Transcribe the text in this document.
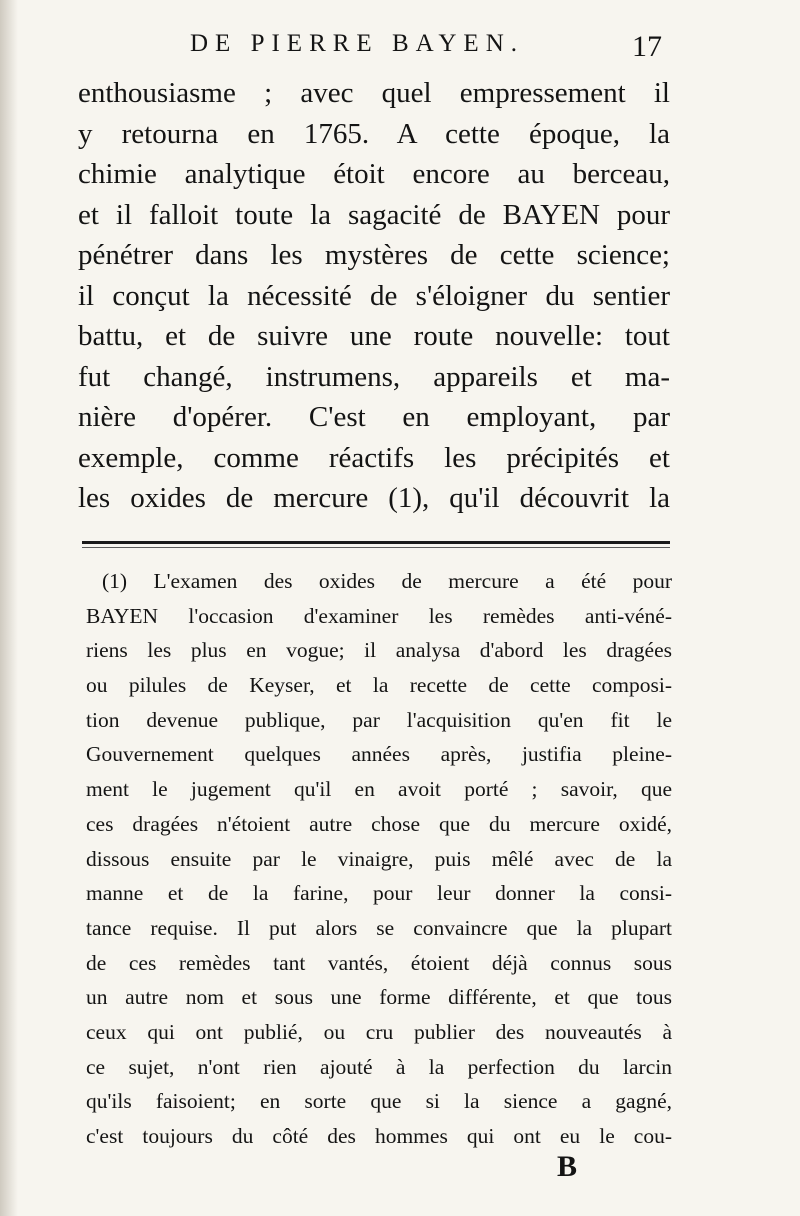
DE PIERRE BAYEN.	17
enthousiasme ; avec quel empressement il
y retourna en 1765. A cette époque, la
chimie analytique étoit encore au berceau,
et il falloit toute la sagacité de BAYEN pour
pénétrer dans les mystères de cette science;
il conçut la nécessité de s'éloigner du sentier
battu, et de suivre une route nouvelle: tout
fut changé, instrumens, appareils et ma-
nière d'opérer. C'est en employant, par
exemple, comme réactifs les précipités et
les oxides de mercure (1), qu'il découvrit la
(1) L'examen des oxides de mercure a été pour
BAYEN l'occasion d'examiner les remèdes anti-véné-
riens les plus en vogue; il analysa d'abord les dragées
ou pilules de Keyser, et la recette de cette composi-
tion devenue publique, par l'acquisition qu'en fit le
Gouvernement quelques années après, justifia pleine-
ment le jugement qu'il en avoit porté ; savoir, que
ces dragées n'étoient autre chose que du mercure oxidé,
dissous ensuite par le vinaigre, puis mêlé avec de la
manne et de la farine, pour leur donner la consi-
tance requise. Il put alors se convaincre que la plupart
de ces remèdes tant vantés, étoient déjà connus sous
un autre nom et sous une forme différente, et que tous
ceux qui ont publié, ou cru publier des nouveautés à
ce sujet, n'ont rien ajouté à la perfection du larcin
qu'ils faisoient; en sorte que si la sience a gagné,
c'est toujours du côté des hommes qui ont eu le cou-
B
